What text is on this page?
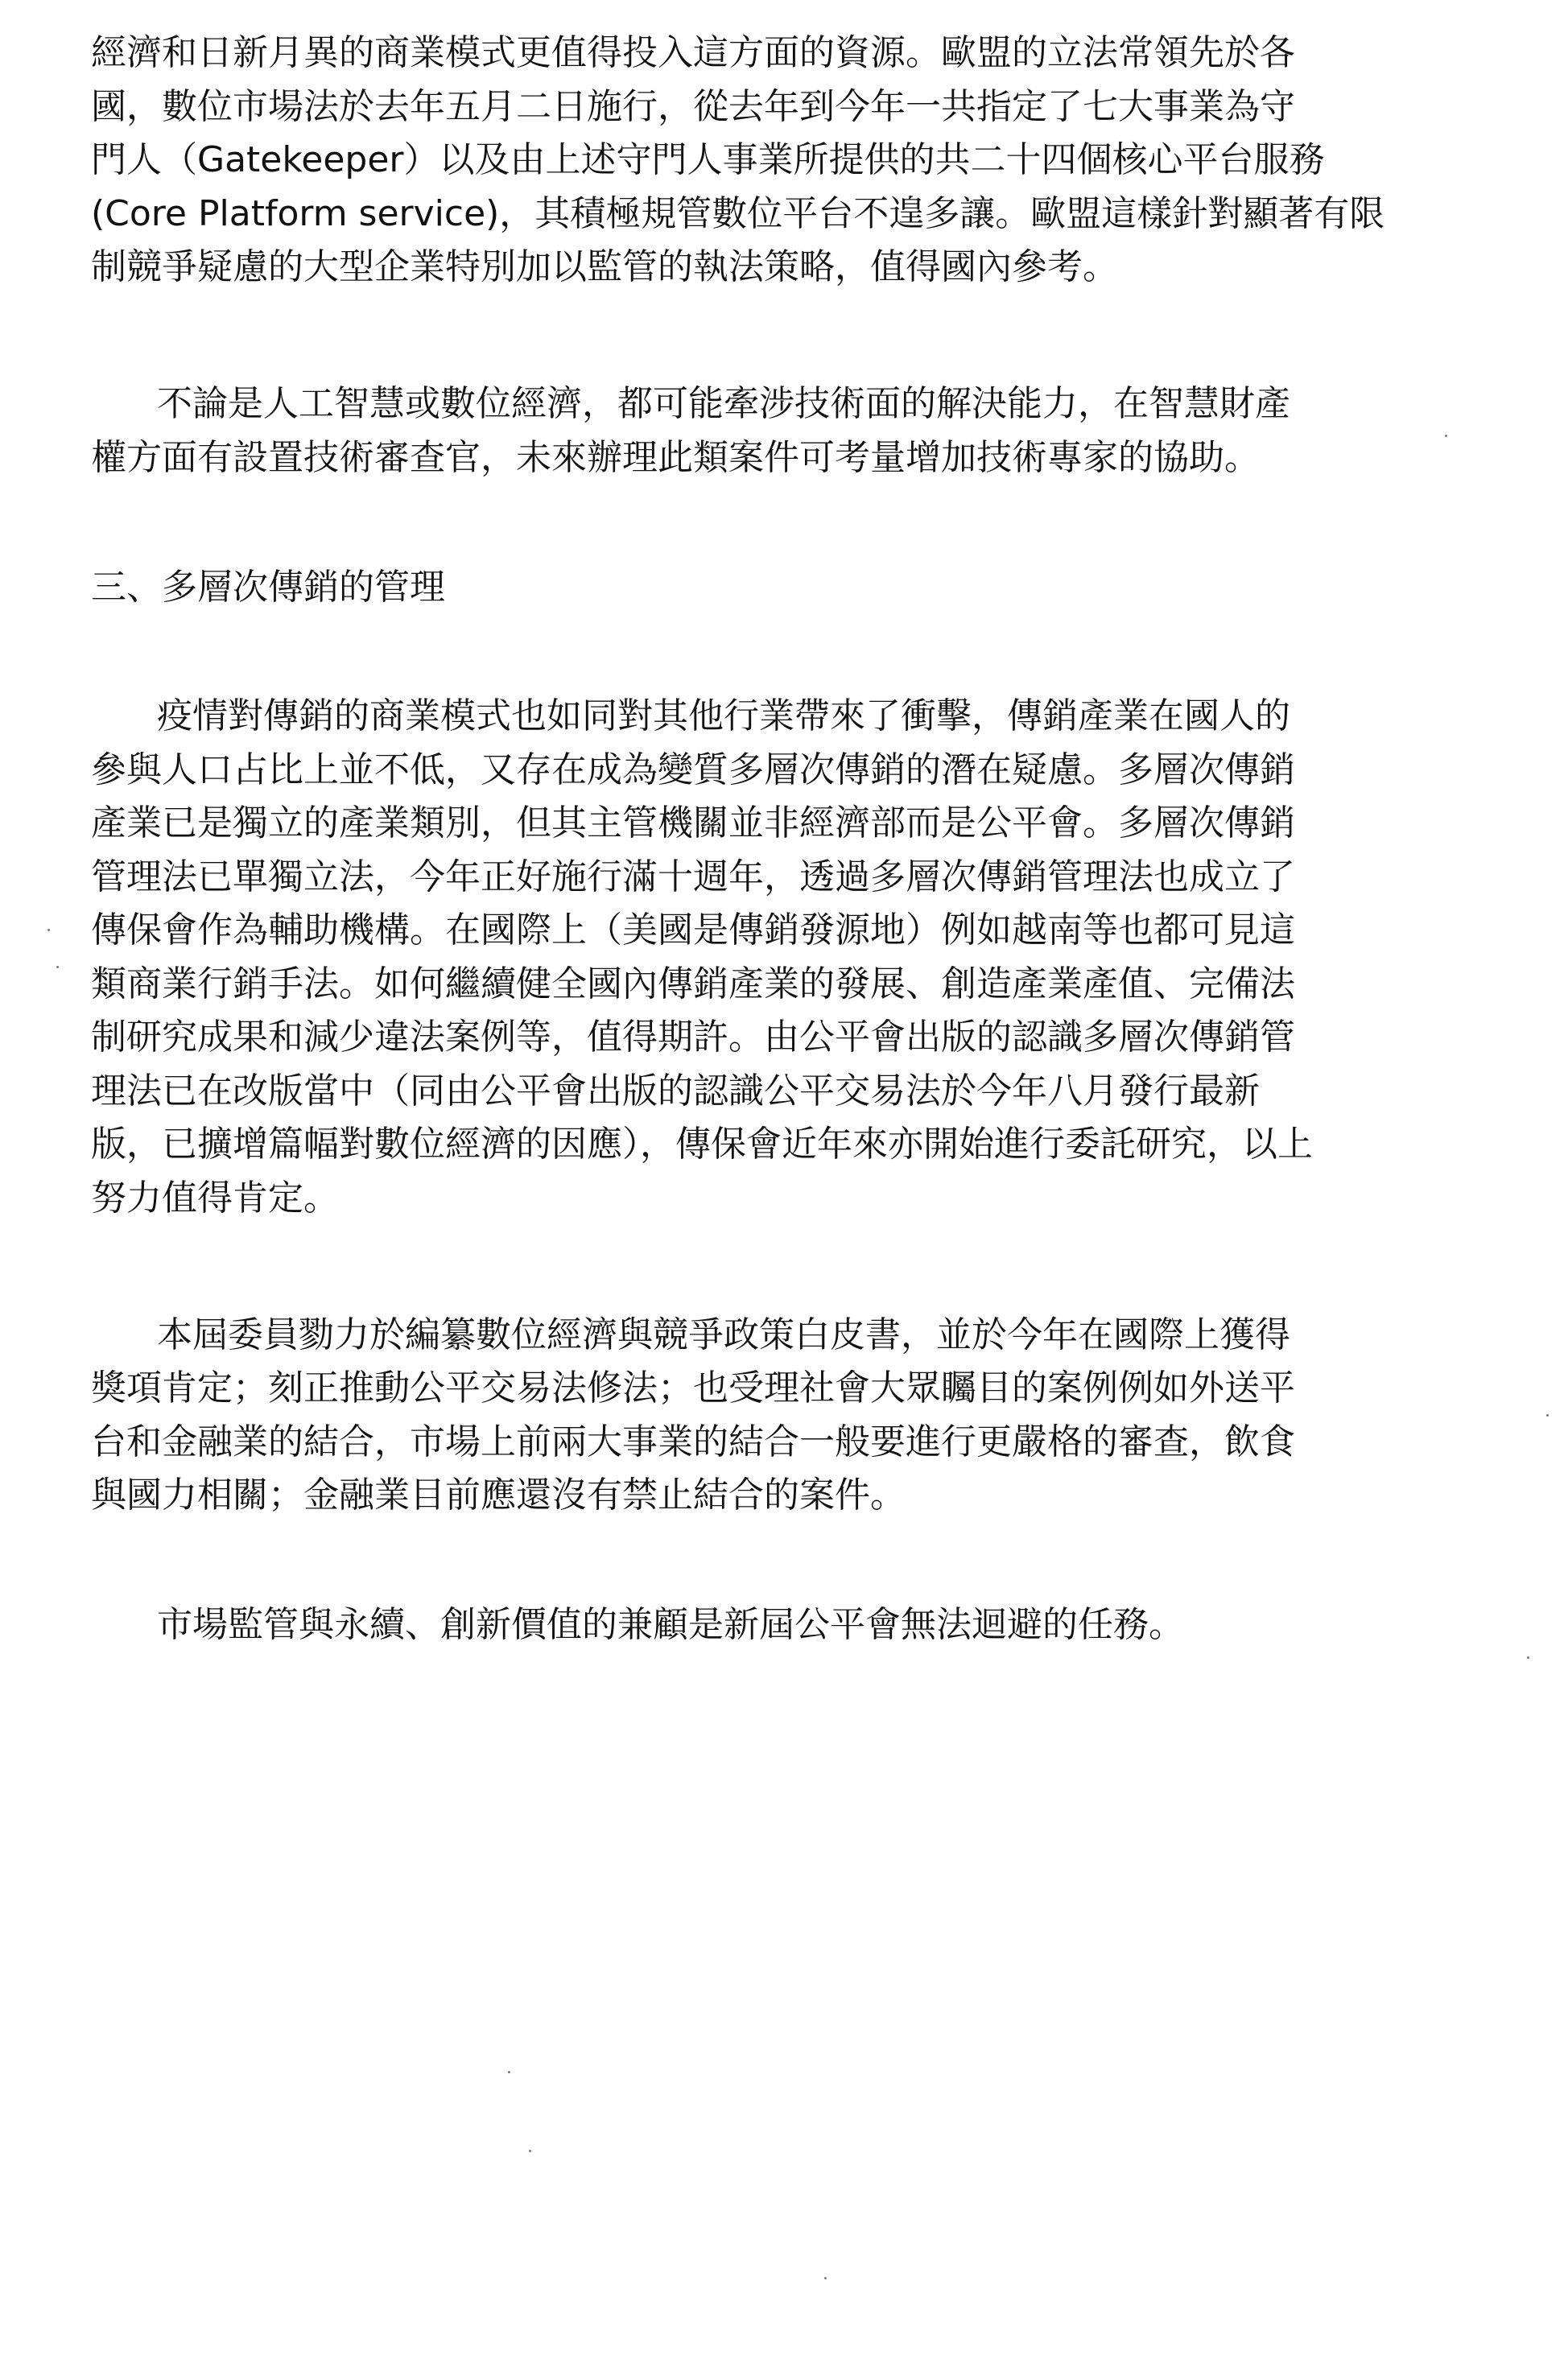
經濟和日新月異的商業模式更值得投入這方面的資源。歐盟的立法常領先於各
國，數位市場法於去年五月二日施行，從去年到今年一共指定了七大事業為守
門人（Gatekeeper）以及由上述守門人事業所提供的共二十四個核心平台服務
(Core Platform service)，其積極規管數位平台不遑多讓。歐盟這樣針對顯著有限
制競爭疑慮的大型企業特別加以監管的執法策略，值得國內參考。
不論是人工智慧或數位經濟，都可能牽涉技術面的解決能力，在智慧財產
權方面有設置技術審查官，未來辦理此類案件可考量增加技術專家的協助。
三、多層次傳銷的管理
疫情對傳銷的商業模式也如同對其他行業帶來了衝擊，傳銷產業在國人的
參與人口占比上並不低，又存在成為變質多層次傳銷的潛在疑慮。多層次傳銷
產業已是獨立的產業類別，但其主管機關並非經濟部而是公平會。多層次傳銷
管理法已單獨立法，今年正好施行滿十週年，透過多層次傳銷管理法也成立了
傳保會作為輔助機構。在國際上（美國是傳銷發源地）例如越南等也都可見這
類商業行銷手法。如何繼續健全國內傳銷產業的發展、創造產業產值、完備法
制研究成果和減少違法案例等，值得期許。由公平會出版的認識多層次傳銷管
理法已在改版當中（同由公平會出版的認識公平交易法於今年八月發行最新
版，已擴增篇幅對數位經濟的因應），傳保會近年來亦開始進行委託研究，以上
努力值得肯定。
本屆委員勠力於編纂數位經濟與競爭政策白皮書，並於今年在國際上獲得
獎項肯定；刻正推動公平交易法修法；也受理社會大眾矚目的案例例如外送平
台和金融業的結合，市場上前兩大事業的結合一般要進行更嚴格的審查，飲食
與國力相關；金融業目前應還沒有禁止結合的案件。
市場監管與永續、創新價值的兼顧是新屆公平會無法迴避的任務。
